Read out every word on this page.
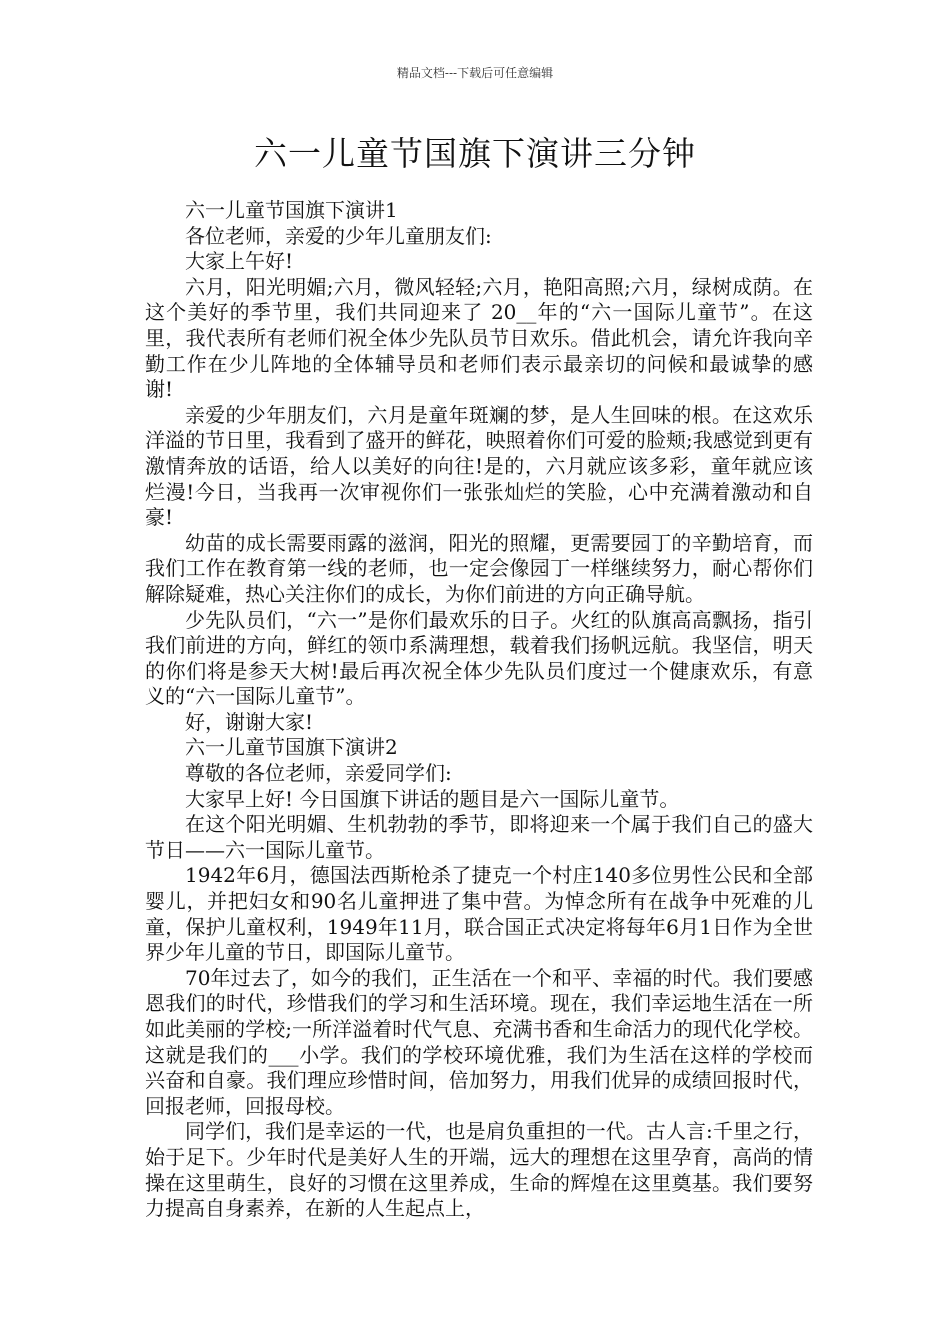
精品文档---下载后可任意编辑
六一儿童节国旗下演讲三分钟

六一儿童节国旗下演讲1

各位老师，亲爱的少年儿童朋友们:

大家上午好!

六月，阳光明媚;六月，微风轻轻;六月，艳阳高照;六月，绿树成荫。在这个美好的季节里，我们共同迎来了 20__年的“六一国际儿童节”。在这里，我代表所有老师们祝全体少先队员节日欢乐。借此机会，请允许我向辛勤工作在少儿阵地的全体辅导员和老师们表示最亲切的问候和最诚挚的感谢!

亲爱的少年朋友们，六月是童年斑斓的梦，是人生回味的根。在这欢乐洋溢的节日里，我看到了盛开的鲜花，映照着你们可爱的脸颊;我感觉到更有激情奔放的话语，给人以美好的向往!是的，六月就应该多彩，童年就应该烂漫!今日，当我再一次审视你们一张张灿烂的笑脸，心中充满着激动和自豪!

幼苗的成长需要雨露的滋润，阳光的照耀，更需要园丁的辛勤培育，而我们工作在教育第一线的老师，也一定会像园丁一样继续努力，耐心帮你们解除疑难，热心关注你们的成长，为你们前进的方向正确导航。

少先队员们，“六一”是你们最欢乐的日子。火红的队旗高高飘扬，指引我们前进的方向，鲜红的领巾系满理想，载着我们扬帆远航。我坚信，明天的你们将是参天大树!最后再次祝全体少先队员们度过一个健康欢乐，有意义的“六一国际儿童节”。

好，谢谢大家!

六一儿童节国旗下演讲2

尊敬的各位老师，亲爱同学们:

大家早上好! 今日国旗下讲话的题目是六一国际儿童节。

在这个阳光明媚、生机勃勃的季节，即将迎来一个属于我们自己的盛大节日——六一国际儿童节。

1942年6月，德国法西斯枪杀了捷克一个村庄140多位男性公民和全部婴儿，并把妇女和90名儿童押进了集中营。为悼念所有在战争中死难的儿童，保护儿童权利，1949年11月，联合国正式决定将每年6月1日作为全世界少年儿童的节日，即国际儿童节。

70年过去了，如今的我们，正生活在一个和平、幸福的时代。我们要感恩我们的时代，珍惜我们的学习和生活环境。现在，我们幸运地生活在一所如此美丽的学校;一所洋溢着时代气息、充满书香和生命活力的现代化学校。这就是我们的___小学。我们的学校环境优雅，我们为生活在这样的学校而兴奋和自豪。我们理应珍惜时间，倍加努力，用我们优异的成绩回报时代，回报老师，回报母校。

同学们，我们是幸运的一代，也是肩负重担的一代。古人言:千里之行，始于足下。少年时代是美好人生的开端，远大的理想在这里孕育，高尚的情操在这里萌生，良好的习惯在这里养成，生命的辉煌在这里奠基。我们要努力提高自身素养，在新的人生起点上，
